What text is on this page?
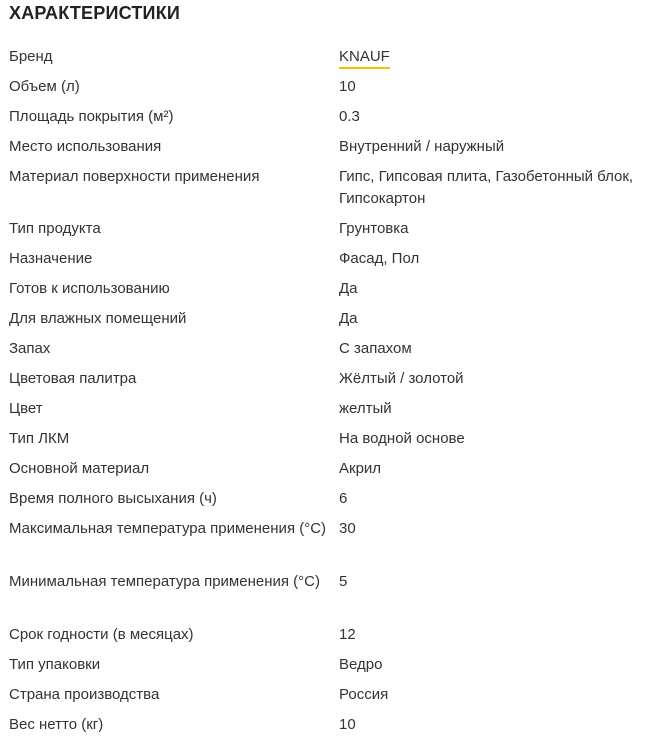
ХАРАКТЕРИСТИКИ
Бренд	KNAUF
Объем (л)	10
Площадь покрытия (м²)	0.3
Место использования	Внутренний / наружный
Материал поверхности применения	Гипс, Гипсовая плита, Газобетонный блок, Гипсокартон
Тип продукта	Грунтовка
Назначение	Фасад, Пол
Готов к использованию	Да
Для влажных помещений	Да
Запах	С запахом
Цветовая палитра	Жёлтый / золотой
Цвет	желтый
Тип ЛКМ	На водной основе
Основной материал	Акрил
Время полного высыхания (ч)	6
Максимальная температура применения (°C) 30
Минимальная температура применения (°C)	5
Срок годности (в месяцах)	12
Тип упаковки	Ведро
Страна производства	Россия
Вес нетто (кг)	10
